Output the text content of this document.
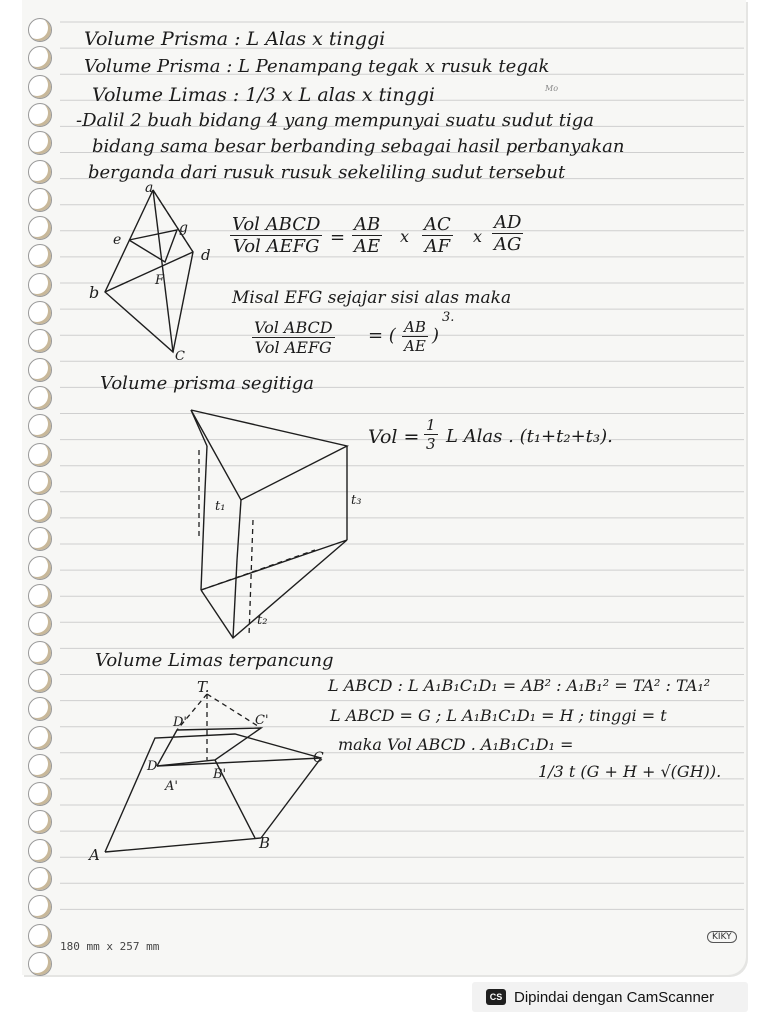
Volume Prisma : L Alas x tinggi
Volume Prisma : L Penampang tegak x rusuk tegak
Volume Limas : 1/3 x L alas x tinggi	Mo
-Dalil 2 buah bidang 4 yang mempunyai suatu sudut tiga
bidang sama besar berbanding sebagai hasil perbanyakan
berganda dari rusuk rusuk sekeliling sudut tersebut
a
e
g
d
F
b
C
Vol ABCD
Vol AEFG = $\frac{AB}{AE}$ x $\frac{AC}{AF}$ x $\frac{AD}{AG}$
Misal EFG sejajar sisi alas maka
Vol ABCD
Vol AEFG
= ( $\frac{AB}{AE}$ )
3.
Volume prisma segitiga
t₁
t₂
t₃
Vol = $\frac{1}{3}$ L Alas . (t₁+t₂+t₃).
Volume Limas terpancung
T.
D'	C'
D
A'
B'
C
A
B
L ABCD : L A₁B₁C₁D₁ = AB² : A₁B₁² = TA² : TA₁²
L ABCD = G ; L A₁B₁C₁D₁ = H ; tinggi = t
maka Vol ABCD . A₁B₁C₁D₁ =
1/3 t (G + H + √(GH)).
180 mm x 257 mm
KIKY
CS Dipindai dengan CamScanner
